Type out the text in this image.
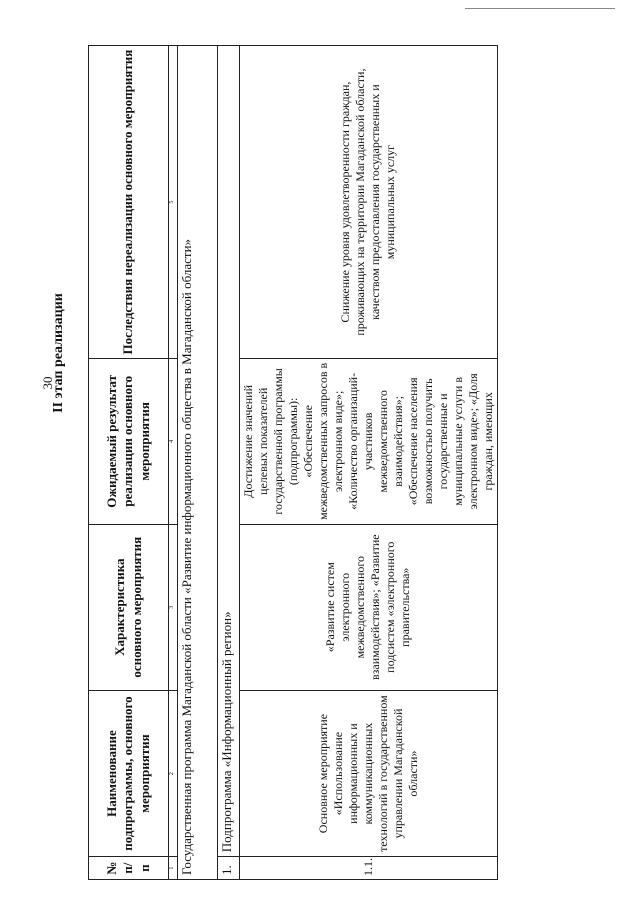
30
II этап реализации
№ п/п	Наименование подпрограммы, основного мероприятия	Характеристика основного мероприятия	Ожидаемый результат реализации основного мероприятия	Последствия нереализации основного мероприятия
1	2	3	4	5
Государственная программа Магаданской области «Развитие информационного общества в Магаданской области»				
1.	Подпрограмма «Информационный регион»			
1.1.	Основное мероприятие «Использование информационных и коммуникационных технологий в государственном управлении Магаданской области»	«Развитие систем электронного межведомственного взаимодействия»; «Развитие подсистем «электронного правительства»	Достижение значений целевых показателей государственной программы (подпрограммы): «Обеспечение межведомственных запросов в электронном виде»; «Количество организаций-участников межведомственного взаимодействия»; «Обеспечение населения возможностью получить государственные и муниципальные услуги в электронном виде»; «Доля граждан, имеющих	Снижение уровня удовлетворенности граждан, проживающих на территории Магаданской области, качеством предоставления государственных и муниципальных услуг
